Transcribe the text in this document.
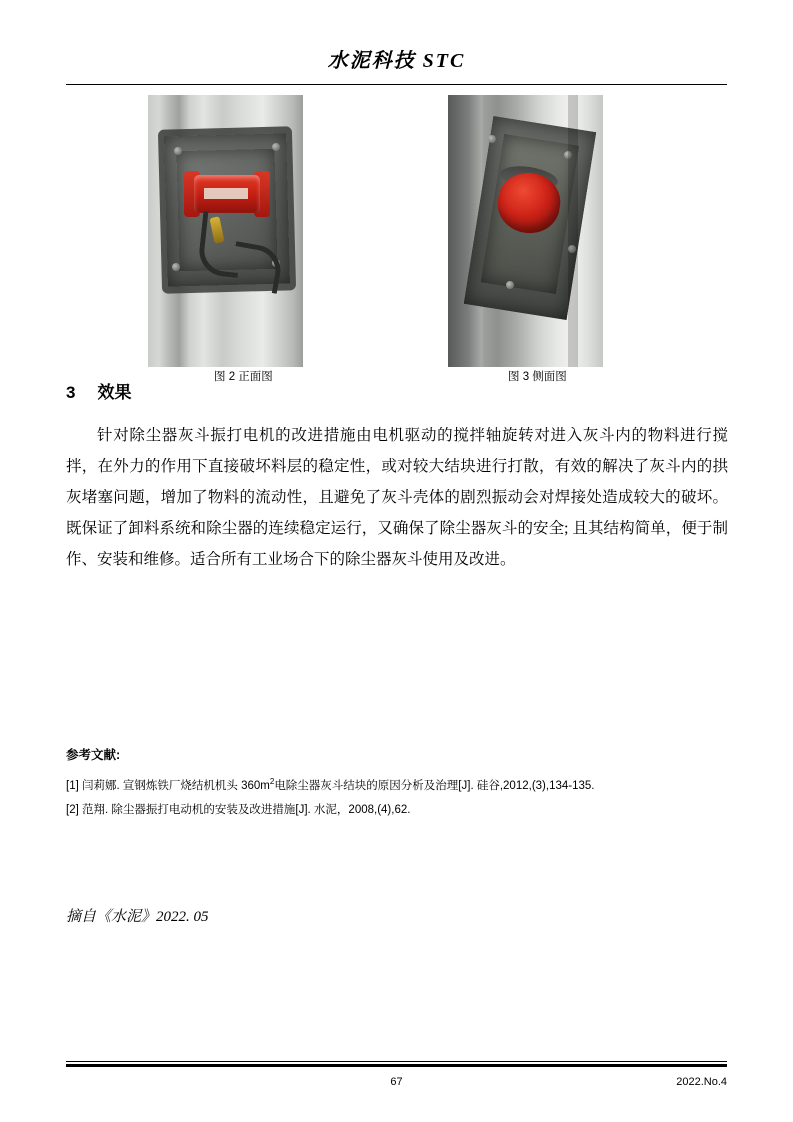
水泥科技 STC
图 2 正面图	图 3 侧面图
3 效果
针对除尘器灰斗振打电机的改进措施由电机驱动的搅拌轴旋转对进入灰斗内的物料进行搅拌，在外力的作用下直接破坏料层的稳定性，或对较大结块进行打散，有效的解决了灰斗内的拱灰堵塞问题，增加了物料的流动性，且避免了灰斗壳体的剧烈振动会对焊接处造成较大的破坏。既保证了卸料系统和除尘器的连续稳定运行，又确保了除尘器灰斗的安全; 且其结构简单，便于制作、安装和维修。适合所有工业场合下的除尘器灰斗使用及改进。
参考文献:
[1] 闫莉娜. 宣钢炼铁厂烧结机机头 $360m^2$电除尘器灰斗结块的原因分析及治理[J]. 硅谷,2012,(3),134-135.
[2] 范翔. 除尘器振打电动机的安装及改进措施[J]. 水泥，2008,(4),62.
摘自《水泥》2022. 05
67	2022.No.4
